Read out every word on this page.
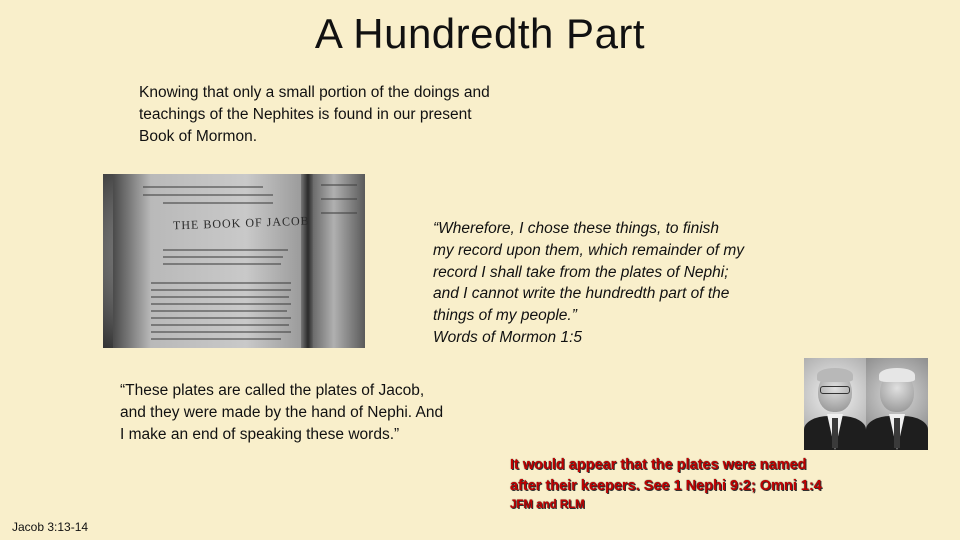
A Hundredth Part
Knowing that only a small portion of the doings and teachings of the Nephites is found in our present Book of Mormon.
THE BOOK OF JACOB	“Wherefore, I chose these things, to finish
my record upon them, which remainder of my
record I shall take from the plates of Nephi;
and I cannot write the hundredth part of the
things of my people.”
Words of Mormon 1:5
“These plates are called the plates of Jacob,
and they were made by the hand of Nephi. And
I make an end of speaking these words.”
It would appear that the plates were named
after their keepers. See 1 Nephi 9:2; Omni 1:4
JFM and RLM
Jacob 3:13-14
